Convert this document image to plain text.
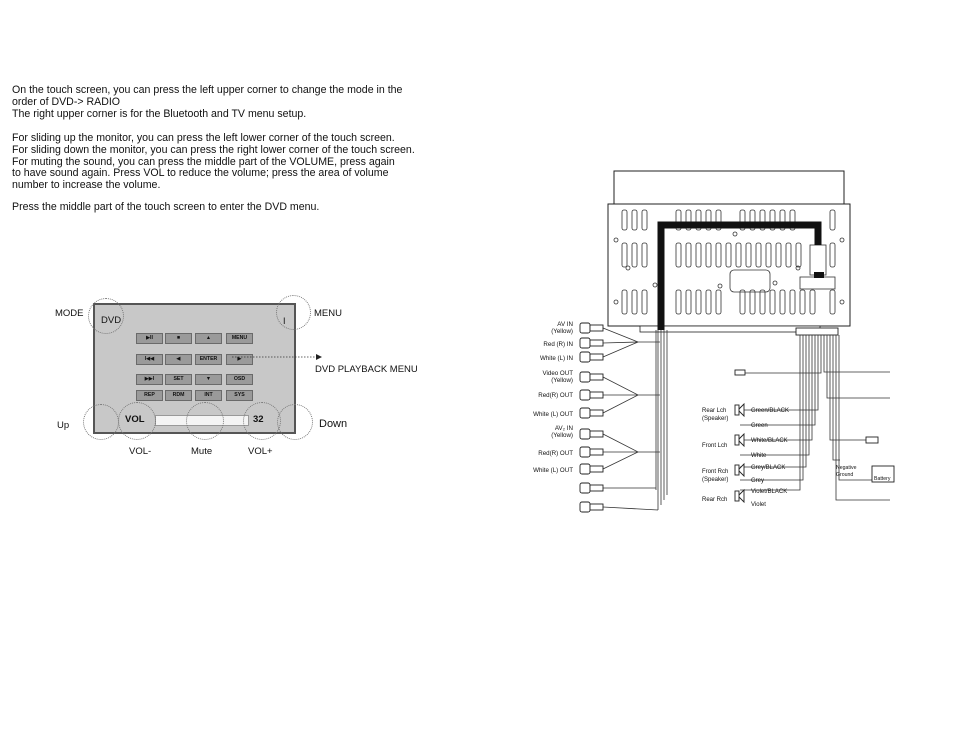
On the touch screen, you can press the left upper corner to change the mode in the
order of DVD-> RADIO
The right upper corner is for the Bluetooth and TV menu setup.
For sliding up the monitor, you can press the left lower corner of the touch screen.
For sliding down the monitor, you can press the right lower corner of the touch screen.
For muting the sound, you can press the middle part of the VOLUME, press again
to have sound again. Press VOL to reduce the volume; press the area of volume
number to increase the volume.
Press the middle part of the touch screen to enter the DVD menu.
MODE	MENU
DVD PLAYBACK MENU
Up	Down
VOL-	Mute	VOL+
DVD	I
▶II	■	▲	MENU
I◀◀	◀	ENTER	▶
▶▶I	SET	▼	OSD
REP	RDM	INT	SYS
VOL	32
AV IN
(Yellow)
Red (R) IN
White (L) IN
Video OUT
(Yellow)
Red(R) OUT
White (L) OUT
AV₂ IN
(Yellow)
Red(R) OUT
White (L) OUT
Rear Lch
(Speaker)
Front Lch
Front Rch
(Speaker)
Rear Rch
Green/BLACK
Green
White/BLACK
White
Grey/BLACK
Grey
Violet/BLACK
Violet
Negative
Ground
Battery
